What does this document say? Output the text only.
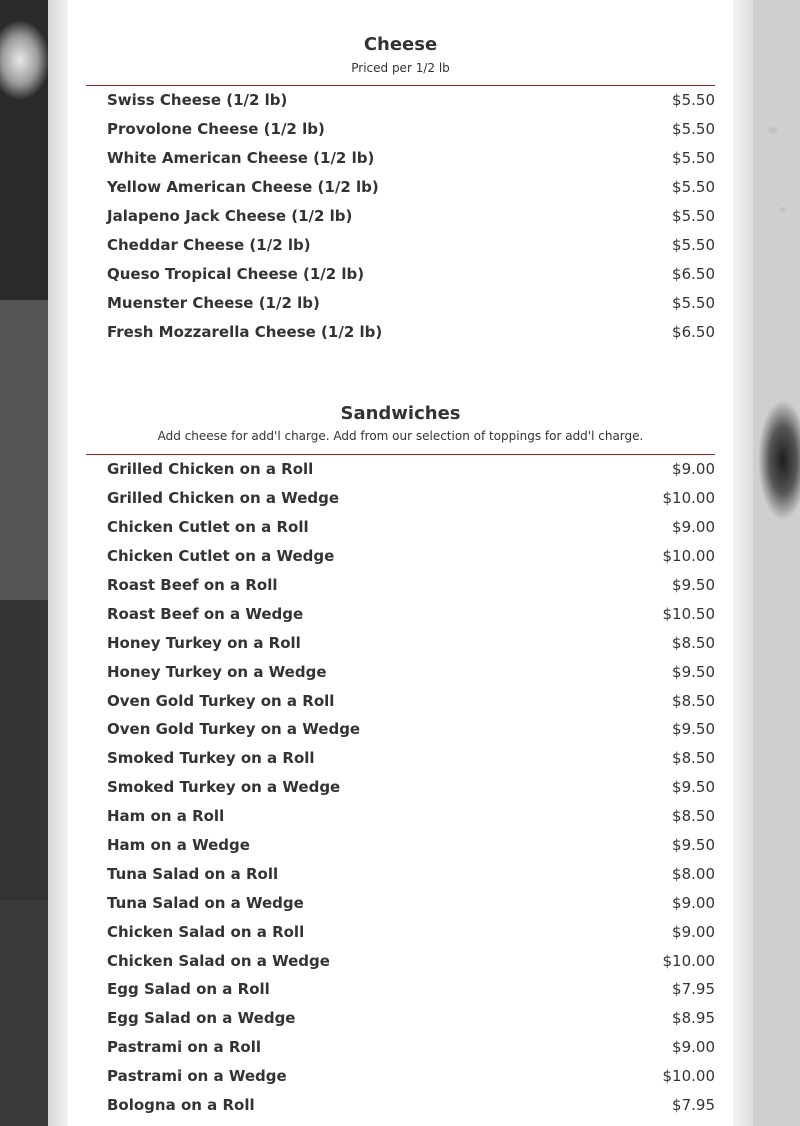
Cheese

Priced per 1/2 lb

Swiss Cheese (1/2 lb)	$5.50
Provolone Cheese (1/2 lb)	$5.50
White American Cheese (1/2 lb)	$5.50
Yellow American Cheese (1/2 lb)	$5.50
Jalapeno Jack Cheese (1/2 lb)	$5.50
Cheddar Cheese (1/2 lb)	$5.50
Queso Tropical Cheese (1/2 lb)	$6.50
Muenster Cheese (1/2 lb)	$5.50
Fresh Mozzarella Cheese (1/2 lb)	$6.50
Sandwiches

Add cheese for add'l charge. Add from our selection of toppings for add'l charge.

Grilled Chicken on a Roll	$9.00
Grilled Chicken on a Wedge	$10.00
Chicken Cutlet on a Roll	$9.00
Chicken Cutlet on a Wedge	$10.00
Roast Beef on a Roll	$9.50
Roast Beef on a Wedge	$10.50
Honey Turkey on a Roll	$8.50
Honey Turkey on a Wedge	$9.50
Oven Gold Turkey on a Roll	$8.50
Oven Gold Turkey on a Wedge	$9.50
Smoked Turkey on a Roll	$8.50
Smoked Turkey on a Wedge	$9.50
Ham on a Roll	$8.50
Ham on a Wedge	$9.50
Tuna Salad on a Roll	$8.00
Tuna Salad on a Wedge	$9.00
Chicken Salad on a Roll	$9.00
Chicken Salad on a Wedge	$10.00
Egg Salad on a Roll	$7.95
Egg Salad on a Wedge	$8.95
Pastrami on a Roll	$9.00
Pastrami on a Wedge	$10.00
Bologna on a Roll	$7.95
